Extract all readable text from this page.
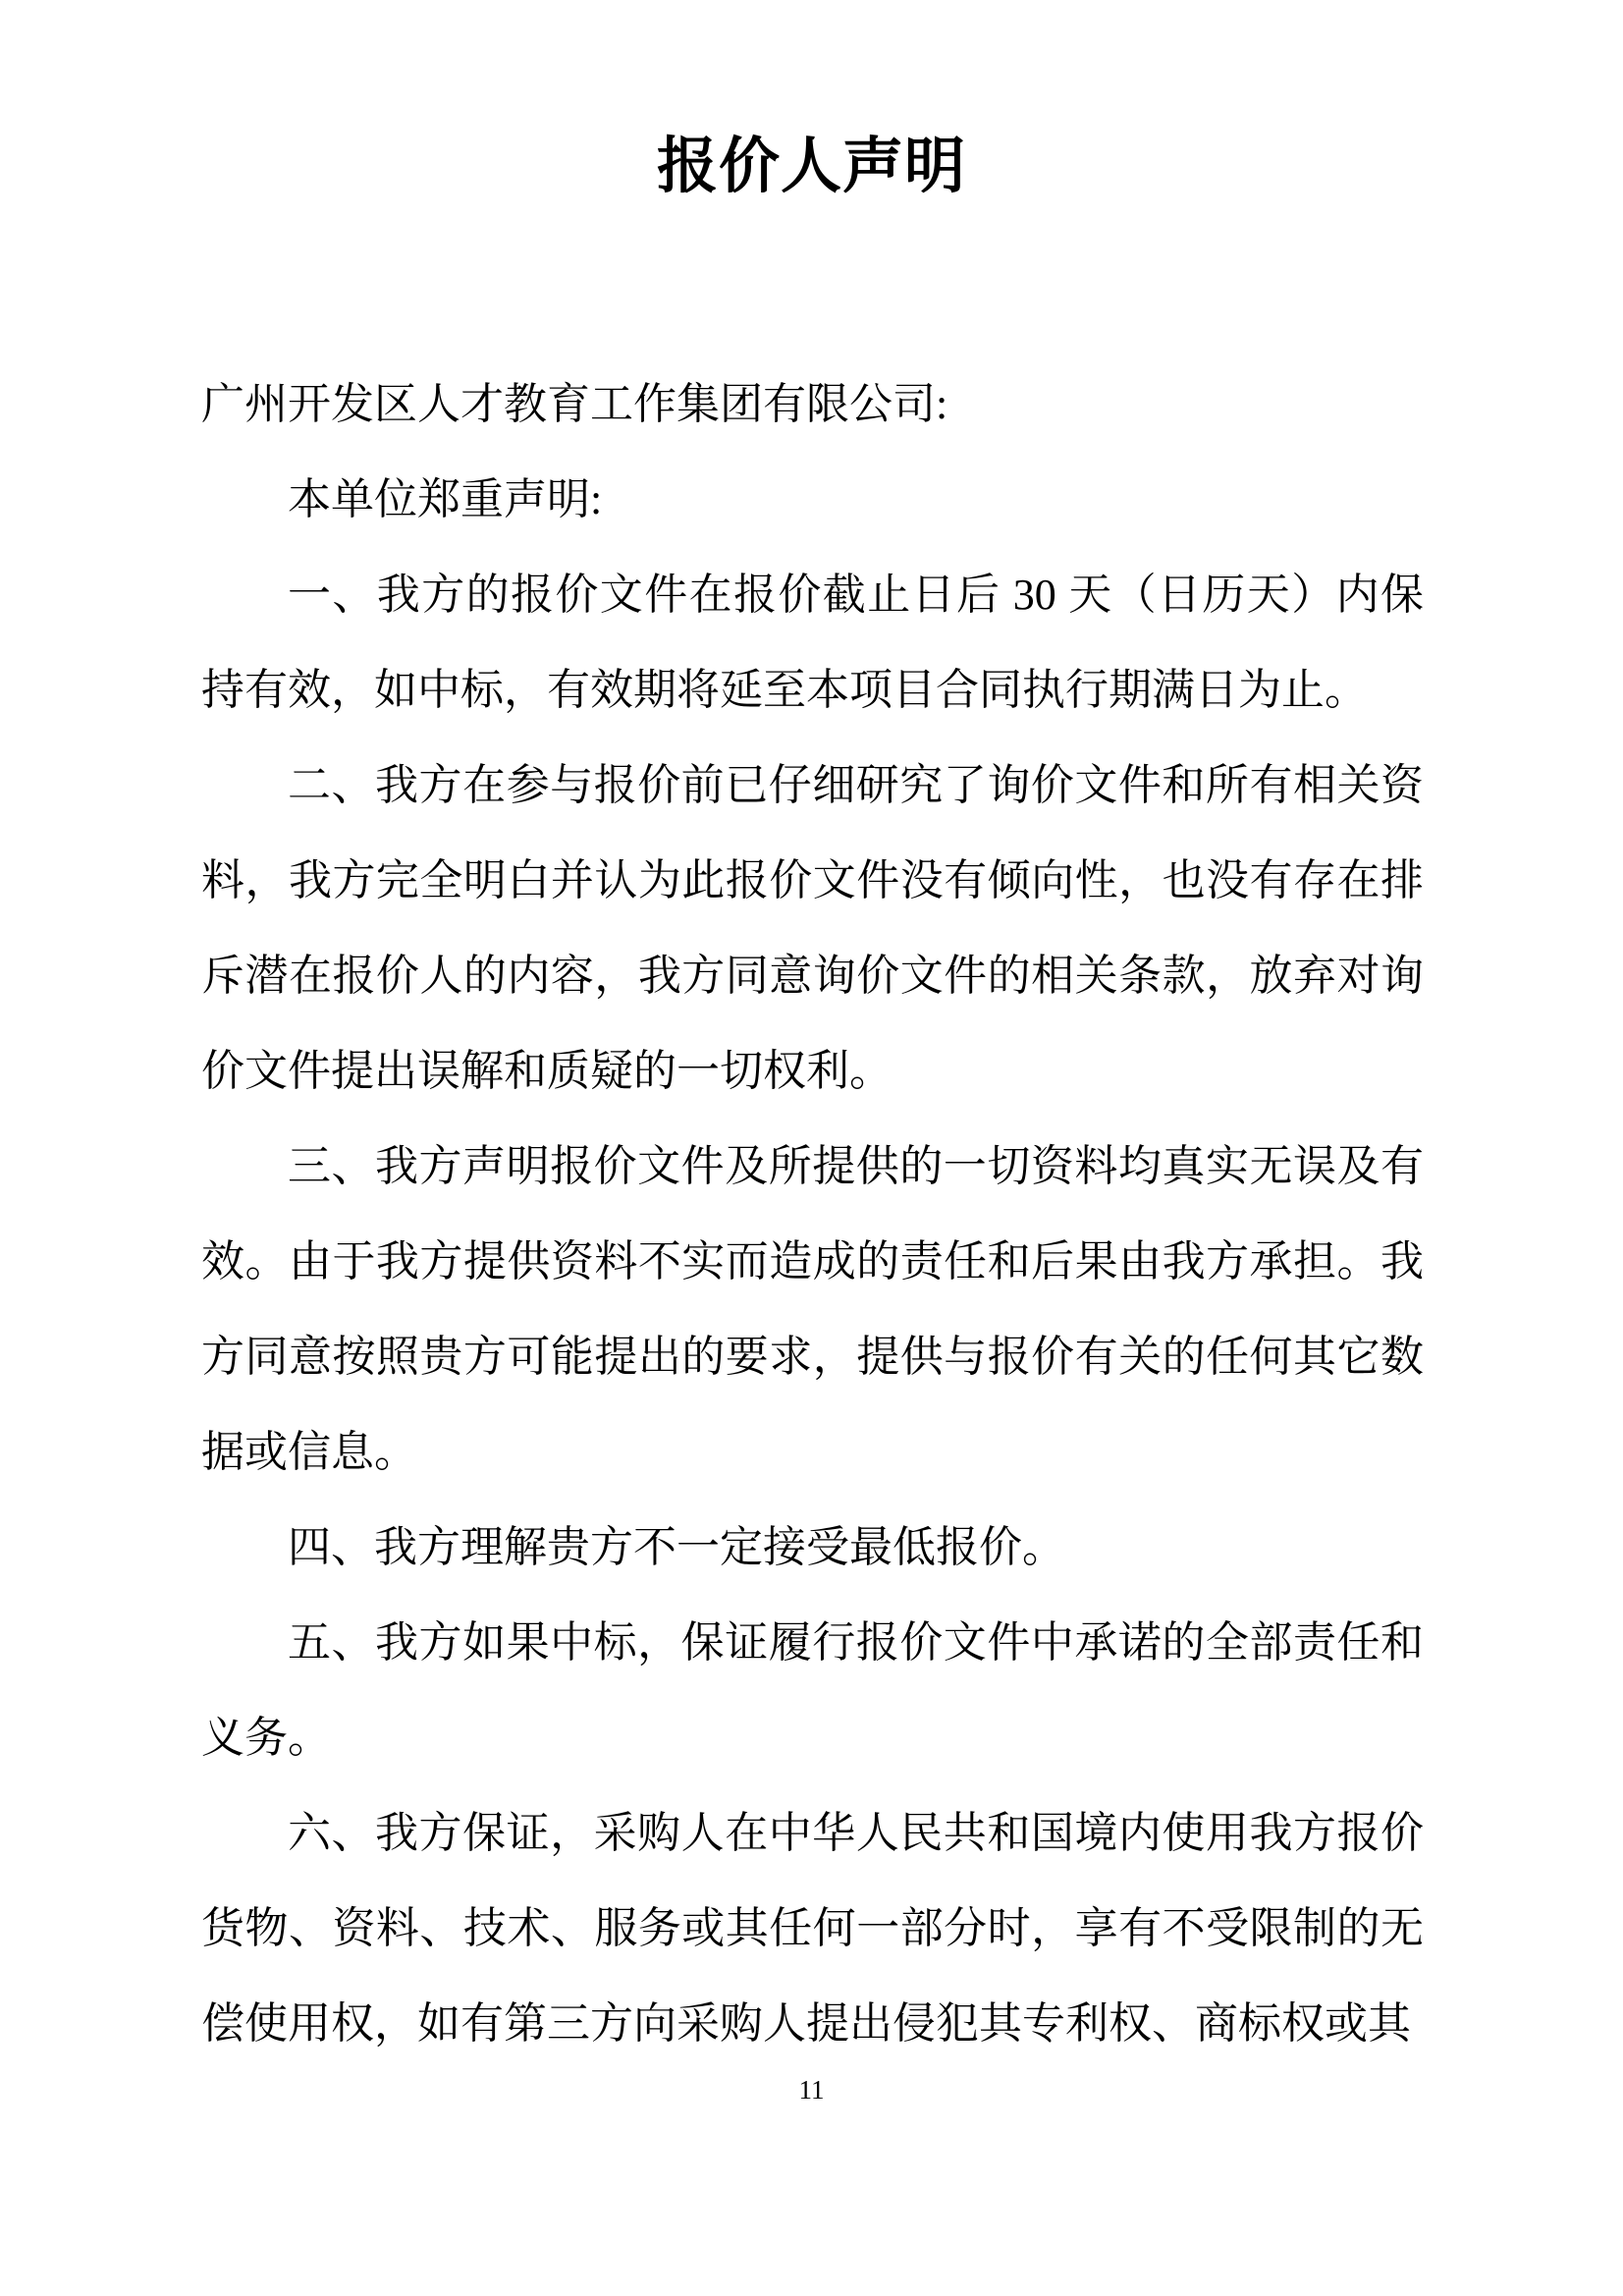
报价人声明

广州开发区人才教育工作集团有限公司:

本单位郑重声明:

一、我方的报价文件在报价截止日后 30 天（日历天）内保持有效，如中标，有效期将延至本项目合同执行期满日为止。

二、我方在参与报价前已仔细研究了询价文件和所有相关资料，我方完全明白并认为此报价文件没有倾向性，也没有存在排斥潜在报价人的内容，我方同意询价文件的相关条款，放弃对询价文件提出误解和质疑的一切权利。

三、我方声明报价文件及所提供的一切资料均真实无误及有效。由于我方提供资料不实而造成的责任和后果由我方承担。我方同意按照贵方可能提出的要求，提供与报价有关的任何其它数据或信息。

四、我方理解贵方不一定接受最低报价。

五、我方如果中标，保证履行报价文件中承诺的全部责任和义务。

六、我方保证，采购人在中华人民共和国境内使用我方报价货物、资料、技术、服务或其任何一部分时，享有不受限制的无偿使用权，如有第三方向采购人提出侵犯其专利权、商标权或其

11
